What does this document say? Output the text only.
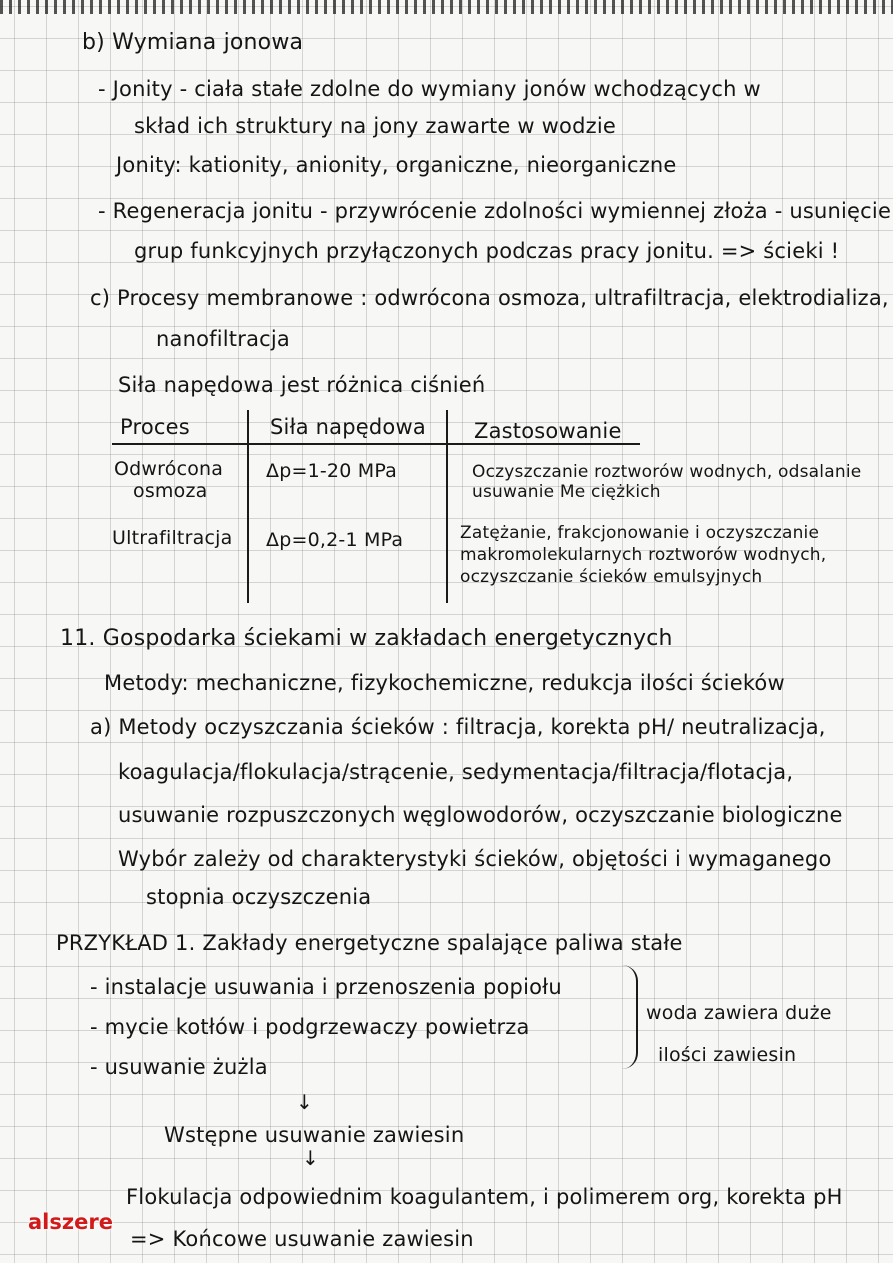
b) Wymiana jonowa
- Jonity - ciała stałe zdolne do wymiany jonów wchodzących w
skład ich struktury na jony zawarte w wodzie
Jonity: kationity, anionity, organiczne, nieorganiczne
- Regeneracja jonitu - przywrócenie zdolności wymiennej złoża - usunięcie
grup funkcyjnych przyłączonych podczas pracy jonitu. => ścieki !
c) Procesy membranowe : odwrócona osmoza, ultrafiltracja, elektrodializa,
nanofiltracja
Siła napędowa jest różnica ciśnień
Proces	Siła napędowa Zastosowanie
Odwrócona
osmoza
Δp=1-20 MPa	Oczyszczanie roztworów wodnych, odsalanie
usuwanie Me ciężkich
Ultrafiltracja Δp=0,2-1 MPa	Zatężanie, frakcjonowanie i oczyszczanie
makromolekularnych roztworów wodnych,
oczyszczanie ścieków emulsyjnych
11. Gospodarka ściekami w zakładach energetycznych
Metody: mechaniczne, fizykochemiczne, redukcja ilości ścieków
a) Metody oczyszczania ścieków : filtracja, korekta pH/ neutralizacja,
koagulacja/flokulacja/strącenie, sedymentacja/filtracja/flotacja,
usuwanie rozpuszczonych węglowodorów, oczyszczanie biologiczne
Wybór zależy od charakterystyki ścieków, objętości i wymaganego
stopnia oczyszczenia
PRZYKŁAD 1. Zakłady energetyczne spalające paliwa stałe
- instalacje usuwania i przenoszenia popiołu
- mycie kotłów i podgrzewaczy powietrza
- usuwanie żużla
woda zawiera duże
ilości zawiesin
↓
Wstępne usuwanie zawiesin
↓
Flokulacja odpowiednim koagulantem, i polimerem org, korekta pH
=> Końcowe usuwanie zawiesin
alszere
